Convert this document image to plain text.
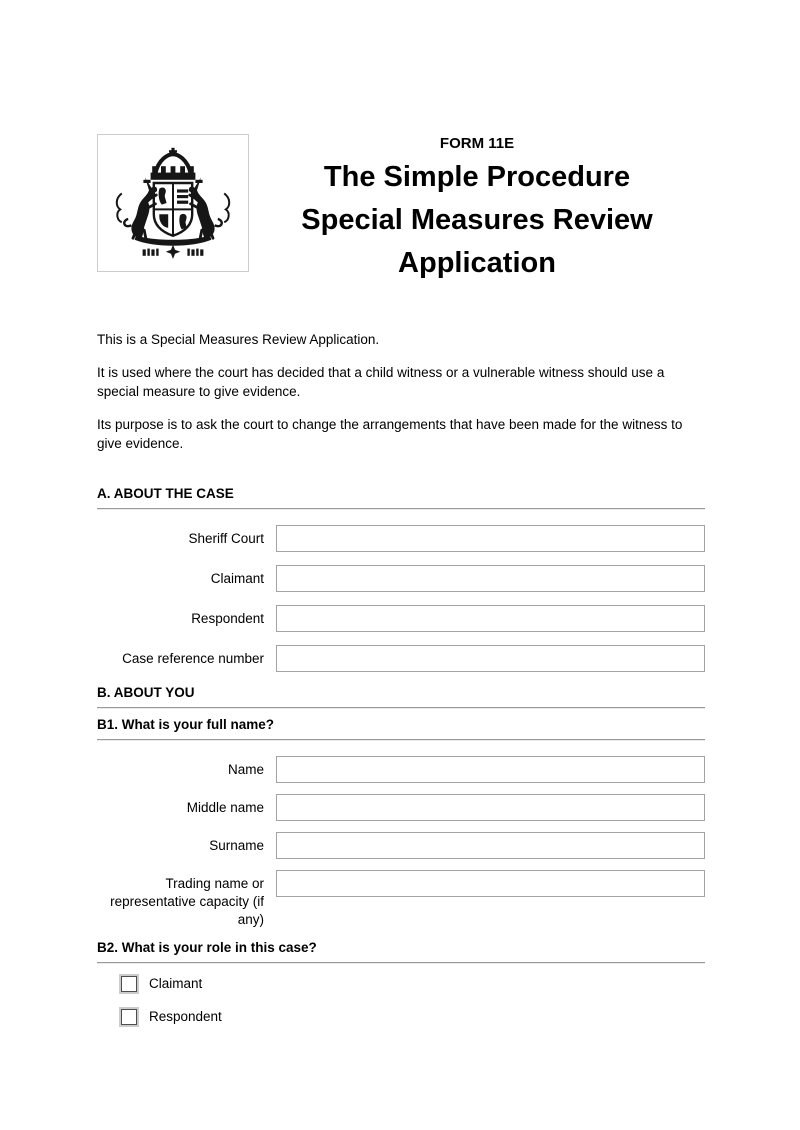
FORM 11E
The Simple Procedure
Special Measures Review
Application

This is a Special Measures Review Application.

It is used where the court has decided that a child witness or a vulnerable witness should use a special measure to give evidence.

Its purpose is to ask the court to change the arrangements that have been made for the witness to give evidence.

A. ABOUT THE CASE
Sheriff Court
Claimant
Respondent
Case reference number
B. ABOUT YOU
B1. What is your full name?
Name
Middle name
Surname
Trading name or representative capacity (if any)
B2. What is your role in this case?
Claimant
Respondent
